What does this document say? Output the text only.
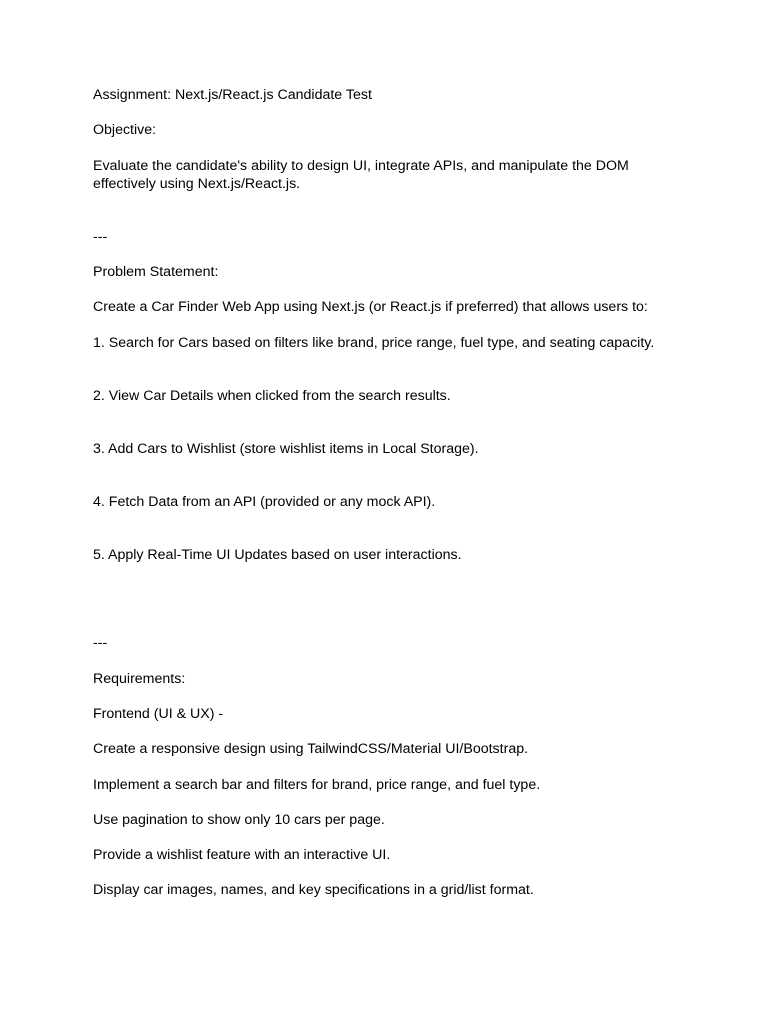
Assignment: Next.js/React.js Candidate Test

Objective:

Evaluate the candidate's ability to design UI, integrate APIs, and manipulate the DOM effectively using Next.js/React.js.

---

Problem Statement:

Create a Car Finder Web App using Next.js (or React.js if preferred) that allows users to:

1. Search for Cars based on filters like brand, price range, fuel type, and seating capacity.

2. View Car Details when clicked from the search results.

3. Add Cars to Wishlist (store wishlist items in Local Storage).

4. Fetch Data from an API (provided or any mock API).

5. Apply Real-Time UI Updates based on user interactions.

---

Requirements:

Frontend (UI & UX) -

Create a responsive design using TailwindCSS/Material UI/Bootstrap.

Implement a search bar and filters for brand, price range, and fuel type.

Use pagination to show only 10 cars per page.

Provide a wishlist feature with an interactive UI.

Display car images, names, and key specifications in a grid/list format.
